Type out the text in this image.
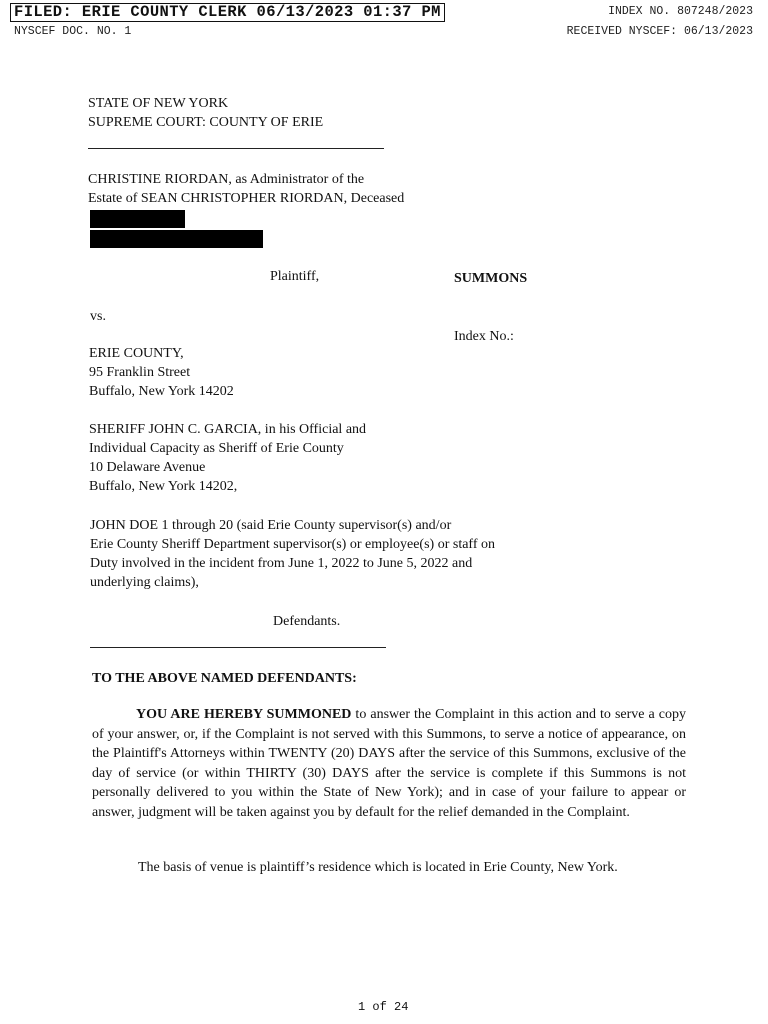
FILED: ERIE COUNTY CLERK 06/13/2023 01:37 PM
NYSCEF DOC. NO. 1
INDEX NO. 807248/2023
RECEIVED NYSCEF: 06/13/2023
STATE OF NEW YORK
SUPREME COURT: COUNTY OF ERIE
CHRISTINE RIORDAN, as Administrator of the
Estate of SEAN CHRISTOPHER RIORDAN, Deceased
Plaintiff,	SUMMONS
vs.
Index No.:
ERIE COUNTY,
95 Franklin Street
Buffalo, New York 14202
SHERIFF JOHN C. GARCIA, in his Official and
Individual Capacity as Sheriff of Erie County
10 Delaware Avenue
Buffalo, New York 14202,
JOHN DOE 1 through 20 (said Erie County supervisor(s) and/or
Erie County Sheriff Department supervisor(s) or employee(s) or staff on
Duty involved in the incident from June 1, 2022 to June 5, 2022 and
underlying claims),
Defendants.
TO THE ABOVE NAMED DEFENDANTS:
YOU ARE HEREBY SUMMONED to answer the Complaint in this action and to serve a copy of your answer, or, if the Complaint is not served with this Summons, to serve a notice of appearance, on the Plaintiff's Attorneys within TWENTY (20) DAYS after the service of this Summons, exclusive of the day of service (or within THIRTY (30) DAYS after the service is complete if this Summons is not personally delivered to you within the State of New York); and in case of your failure to appear or answer, judgment will be taken against you by default for the relief demanded in the Complaint.
The basis of venue is plaintiff’s residence which is located in Erie County, New York.
1 of 24
